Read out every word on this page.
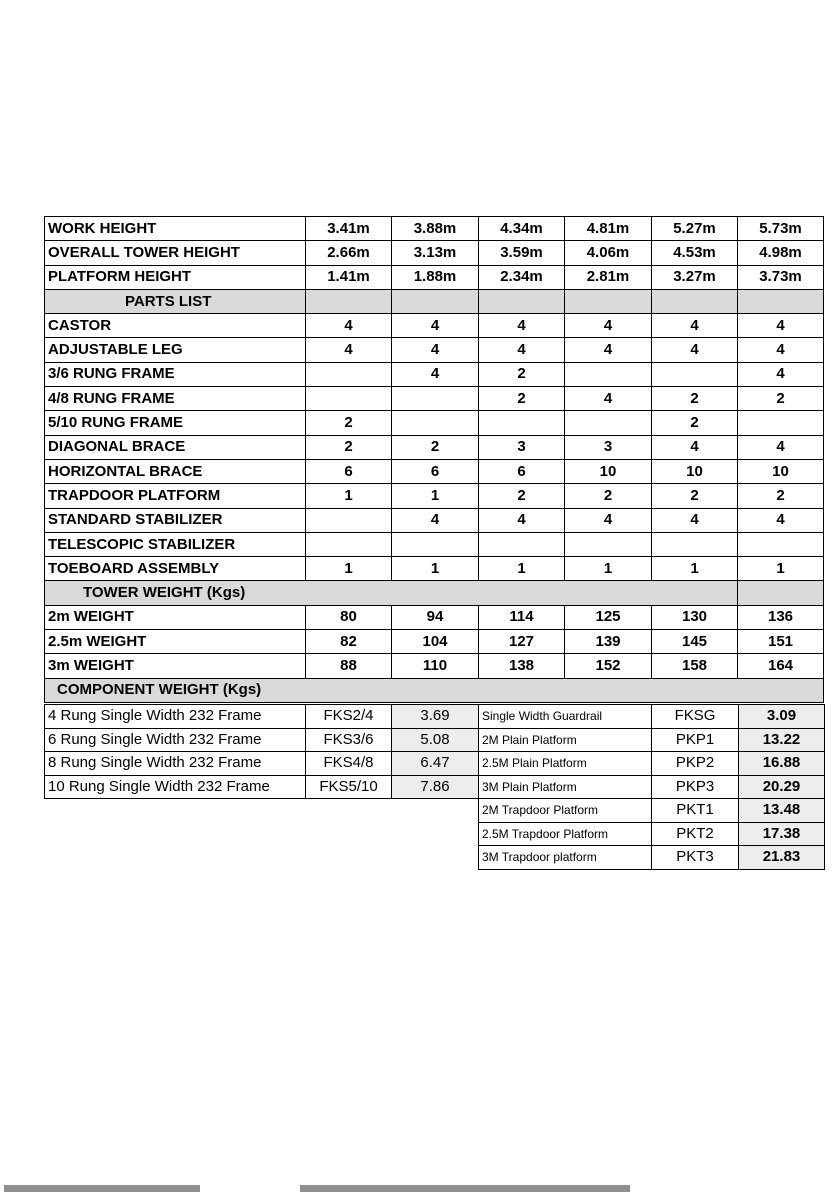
WORK HEIGHT	3.41m	3.88m	4.34m	4.81m	5.27m	5.73m
OVERALL TOWER HEIGHT	2.66m	3.13m	3.59m	4.06m	4.53m	4.98m
PLATFORM HEIGHT	1.41m	1.88m	2.34m	2.81m	3.27m	3.73m
PARTS LIST						
CASTOR	4	4	4	4	4	4
ADJUSTABLE LEG	4	4	4	4	4	4
3/6 RUNG FRAME		4	2			4
4/8 RUNG FRAME			2	4	2	2
5/10 RUNG FRAME	2				2	
DIAGONAL BRACE	2	2	3	3	4	4
HORIZONTAL BRACE	6	6	6	10	10	10
TRAPDOOR PLATFORM	1	1	2	2	2	2
STANDARD STABILIZER		4	4	4	4	4
TELESCOPIC STABILIZER						
TOEBOARD ASSEMBLY	1	1	1	1	1	1
TOWER WEIGHT (Kgs)						
2m WEIGHT	80	94	114	125	130	136
2.5m WEIGHT	82	104	127	139	145	151
3m WEIGHT	88	110	138	152	158	164
COMPONENT WEIGHT (Kgs)						
4 Rung Single Width 232 Frame	FKS2/4	3.69	Single Width Guardrail	FKSG	3.09
6 Rung Single Width 232 Frame	FKS3/6	5.08	2M Plain Platform	PKP1	13.22
8 Rung Single Width 232 Frame	FKS4/8	6.47	2.5M Plain Platform	PKP2	16.88
10 Rung Single Width 232 Frame	FKS5/10	7.86	3M Plain Platform	PKP3	20.29
			2M Trapdoor Platform	PKT1	13.48
			2.5M Trapdoor Platform	PKT2	17.38
			3M Trapdoor platform	PKT3	21.83
